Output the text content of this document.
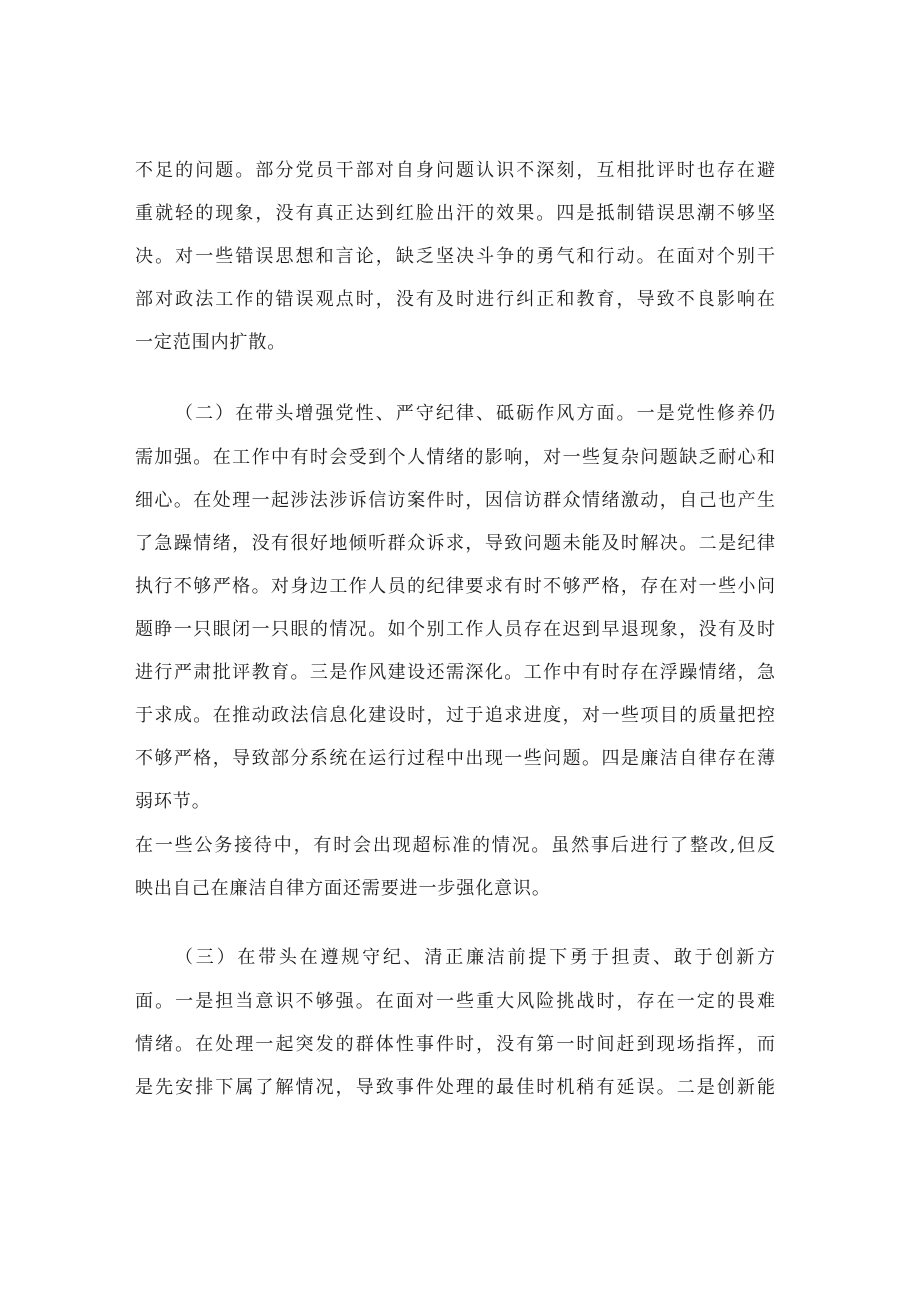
不足的问题。部分党员干部对自身问题认识不深刻，互相批评时也存在避
重就轻的现象，没有真正达到红脸出汗的效果。四是抵制错误思潮不够坚
决。对一些错误思想和言论，缺乏坚决斗争的勇气和行动。在面对个别干
部对政法工作的错误观点时，没有及时进行纠正和教育，导致不良影响在
一定范围内扩散。
（二）在带头增强党性、严守纪律、砥砺作风方面。一是党性修养仍
需加强。在工作中有时会受到个人情绪的影响，对一些复杂问题缺乏耐心和
细心。在处理一起涉法涉诉信访案件时，因信访群众情绪激动，自己也产生
了急躁情绪，没有很好地倾听群众诉求，导致问题未能及时解决。二是纪律
执行不够严格。对身边工作人员的纪律要求有时不够严格，存在对一些小问
题睁一只眼闭一只眼的情况。如个别工作人员存在迟到早退现象，没有及时
进行严肃批评教育。三是作风建设还需深化。工作中有时存在浮躁情绪，急
于求成。在推动政法信息化建设时，过于追求进度，对一些项目的质量把控
不够严格，导致部分系统在运行过程中出现一些问题。四是廉洁自律存在薄
弱环节。
在一些公务接待中，有时会出现超标准的情况。虽然事后进行了整改,但反
映出自己在廉洁自律方面还需要进一步强化意识。
（三）在带头在遵规守纪、清正廉洁前提下勇于担责、敢于创新方
面。一是担当意识不够强。在面对一些重大风险挑战时，存在一定的畏难
情绪。在处理一起突发的群体性事件时，没有第一时间赶到现场指挥，而
是先安排下属了解情况，导致事件处理的最佳时机稍有延误。二是创新能
